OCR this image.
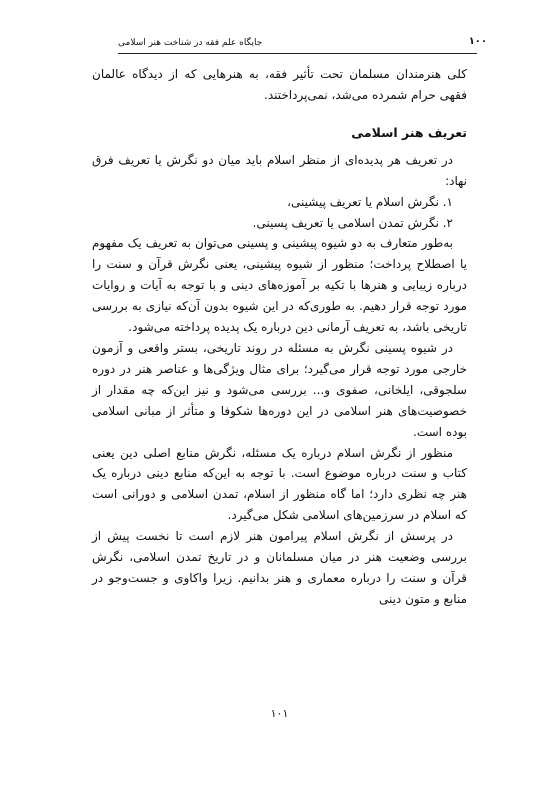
۱۰۰
جایگاه علم فقه در شناخت هنر اسلامی

کلی هنرمندان مسلمان تحت تأثیر فقه، به هنرهایی که از دیدگاه عالمان فقهی حرام شمرده می‌شد، نمی‌پرداختند.

تعریف هنر اسلامی

در تعریف هر پدیده‌ای از منظر اسلام باید میان دو نگرش یا تعریف فرق نهاد:

۱. نگرش اسلام یا تعریف پیشینی،
۲. نگرش تمدن اسلامی یا تعریف پسینی.

به‌طور متعارف به دو شیوه پیشینی و پسینی می‌توان به تعریف یک مفهوم یا اصطلاح پرداخت؛ منظور از شیوه پیشینی، یعنی نگرش قرآن و سنت را درباره زیبایی و هنرها با تکیه بر آموزه‌های دینی و با توجه به آیات و روایات مورد توجه قرار دهیم. به طوری‌که در این شیوه بدون آن‌که نیازی به بررسی تاریخی باشد، به تعریف آرمانی دین درباره یک پدیده پرداخته می‌شود.

در شیوه پسینی نگرش به مسئله در روند تاریخی، بستر واقعی و آزمون خارجی مورد توجه قرار می‌گیرد؛ برای مثال ویژگی‌ها و عناصر هنر در دوره سلجوقی، ایلخانی، صفوی و... بررسی می‌شود و نیز این‌که چه مقدار از خصوصیت‌های هنر اسلامی در این دوره‌ها شکوفا و متأثر از مبانی اسلامی بوده است.

منظور از نگرش اسلام درباره یک مسئله، نگرش منابع اصلی دین یعنی کتاب و سنت درباره موضوع است. با توجه به این‌که منابع دینی درباره یک هنر چه نظری دارد؛ اما گاه منظور از اسلام، تمدن اسلامی و دورانی است که اسلام در سرزمین‌های اسلامی شکل می‌گیرد.

در پرسش از نگرش اسلام پیرامون هنر لازم است تا نخست پیش از بررسی وضعیت هنر در میان مسلمانان و در تاریخ تمدن اسلامی، نگرش قرآن و سنت را درباره معماری و هنر بدانیم. زیرا واکاوی و جست‌وجو در منابع و متون دینی

۱۰۱
